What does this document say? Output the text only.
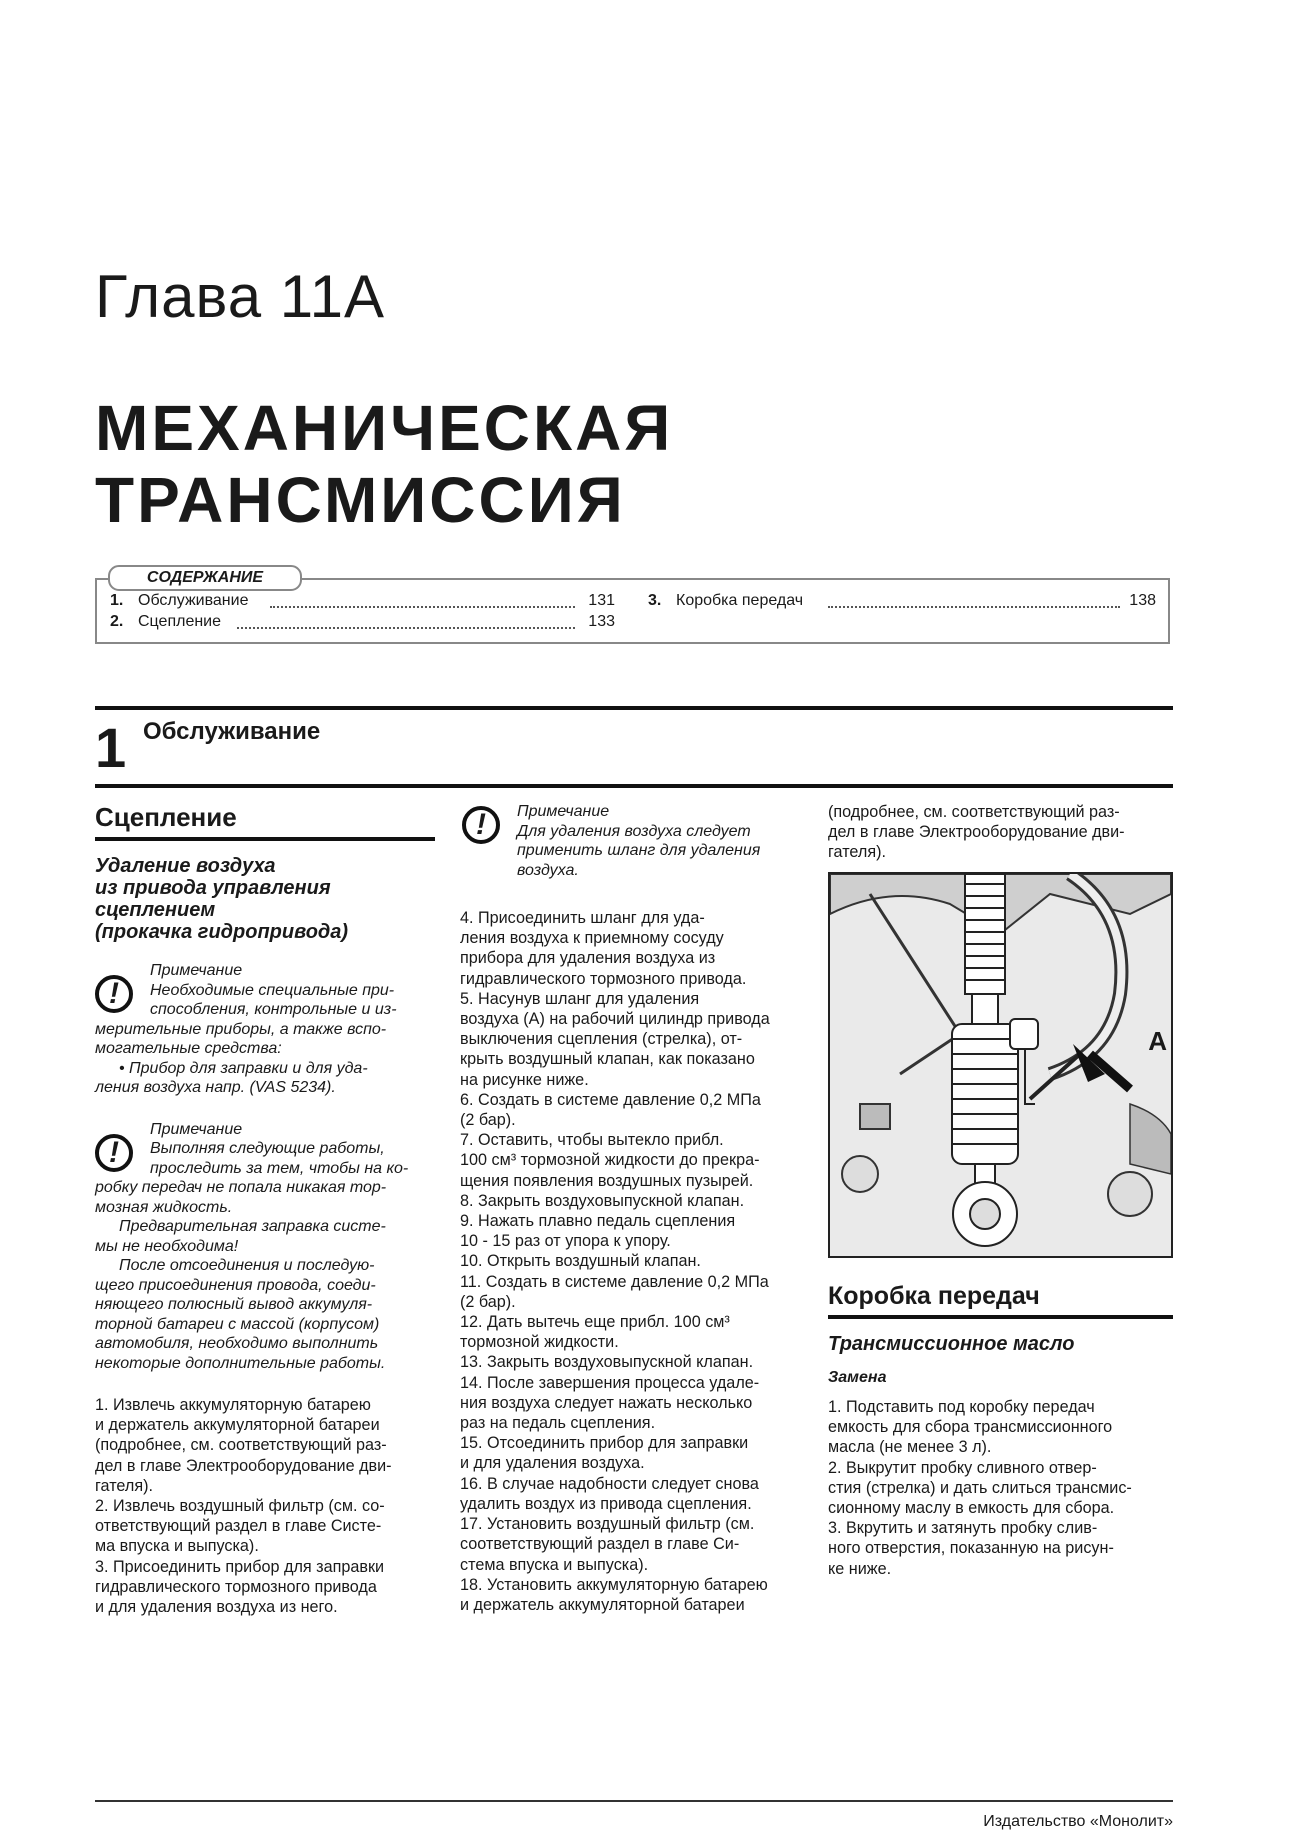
Глава 11А
МЕХАНИЧЕСКАЯ
ТРАНСМИССИЯ
СОДЕРЖАНИЕ
1. Обслуживание	131
2. Сцепление	133
3. Коробка передач	138
1 Обслуживание
Сцепление
Удаление воздуха
из привода управления
сцеплением
(прокачка гидропривода)
!
Примечание

Необходимые специальные при-

способления, контрольные и из-

мерительные приборы, а также вспо-

могательные средства:

• Прибор для заправки и для уда-

ления воздуха напр. (VAS 5234).

!
Примечание

Выполняя следующие работы,

проследить за тем, чтобы на ко-

робку передач не попала никакая тор-

мозная жидкость.

Предварительная заправка систе-

мы не необходима!

После отсоединения и последую-

щего присоединения провода, соеди-

няющего полюсный вывод аккумуля-

торной батареи с массой (корпусом)

автомобиля, необходимо выполнить

некоторые дополнительные работы.

1. Извлечь аккумуляторную батарею

и держатель аккумуляторной батареи

(подробнее, см. соответствующий раз-

дел в главе Электрооборудование дви-

гателя).

2. Извлечь воздушный фильтр (см. со-

ответствующий раздел в главе Систе-

ма впуска и выпуска).

3. Присоединить прибор для заправки

гидравлического тормозного привода

и для удаления воздуха из него.

!	Примечание

Для удаления воздуха следует

применить шланг для удаления

воздуха.

4. Присоединить шланг для уда-

ления воздуха к приемному сосуду

прибора для удаления воздуха из

гидравлического тормозного привода.

5. Насунув шланг для удаления

воздуха (А) на рабочий цилиндр привода

выключения сцепления (стрелка), от-

крыть воздушный клапан, как показано

на рисунке ниже.

6. Создать в системе давление 0,2 МПа

(2 бар).

7. Оставить, чтобы вытекло прибл.

100 см³ тормозной жидкости до прекра-

щения появления воздушных пузырей.

8. Закрыть воздуховыпускной клапан.

9. Нажать плавно педаль сцепления

10 - 15 раз от упора к упору.

10. Открыть воздушный клапан.

11. Создать в системе давление 0,2 МПа

(2 бар).

12. Дать вытечь еще прибл. 100 см³

тормозной жидкости.

13. Закрыть воздуховыпускной клапан.

14. После завершения процесса удале-

ния воздуха следует нажать несколько

раз на педаль сцепления.

15. Отсоединить прибор для заправки

и для удаления воздуха.

16. В случае надобности следует снова

удалить воздух из привода сцепления.

17. Установить воздушный фильтр (см.

соответствующий раздел в главе Си-

стема впуска и выпуска).

18. Установить аккумуляторную батарею

и держатель аккумуляторной батареи

(подробнее, см. соответствующий раз-

дел в главе Электрооборудование дви-

гателя).

A
Коробка передач
Трансмиссионное масло
Замена

1. Подставить под коробку передач

емкость для сбора трансмиссионного

масла (не менее 3 л).

2. Выкрутит пробку сливного отвер-

стия (стрелка) и дать слиться трансмис-

сионному маслу в емкость для сбора.

3. Вкрутить и затянуть пробку слив-

ного отверстия, показанную на рисун-

ке ниже.

Издательство «Монолит»
